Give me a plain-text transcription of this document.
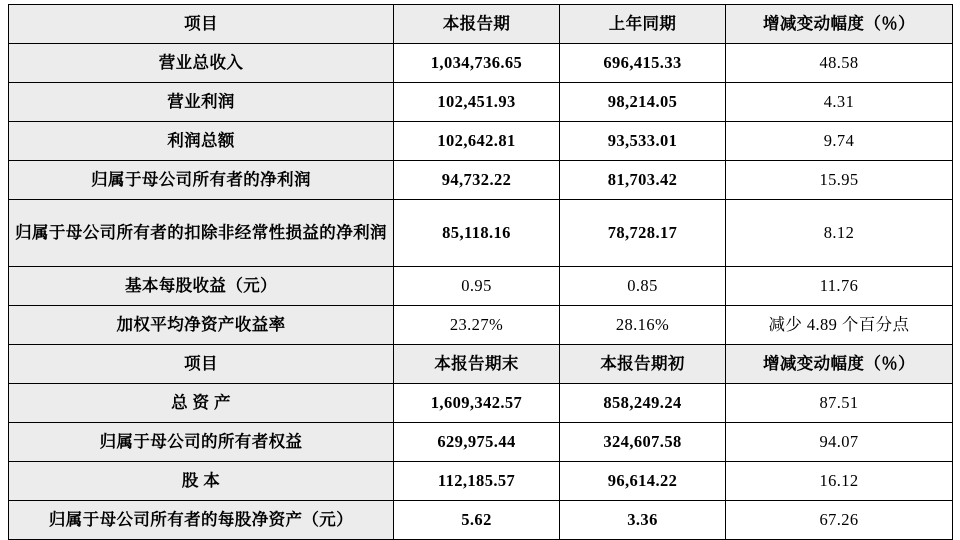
项目	本报告期	上年同期	增减变动幅度（％）
营业总收入	1,034,736.65	696,415.33	48.58
营业利润	102,451.93	98,214.05	4.31
利润总额	102,642.81	93,533.01	9.74
归属于母公司所有者的净利润	94,732.22	81,703.42	15.95
归属于母公司所有者的扣除非经常性损益的净利润	85,118.16	78,728.17	8.12
基本每股收益（元）	0.95	0.85	11.76
加权平均净资产收益率	23.27%	28.16%	减少 4.89 个百分点
项目	本报告期末	本报告期初	增减变动幅度（％）
总 资 产	1,609,342.57	858,249.24	87.51
归属于母公司的所有者权益	629,975.44	324,607.58	94.07
股 本	112,185.57	96,614.22	16.12
归属于母公司所有者的每股净资产（元）	5.62	3.36	67.26
